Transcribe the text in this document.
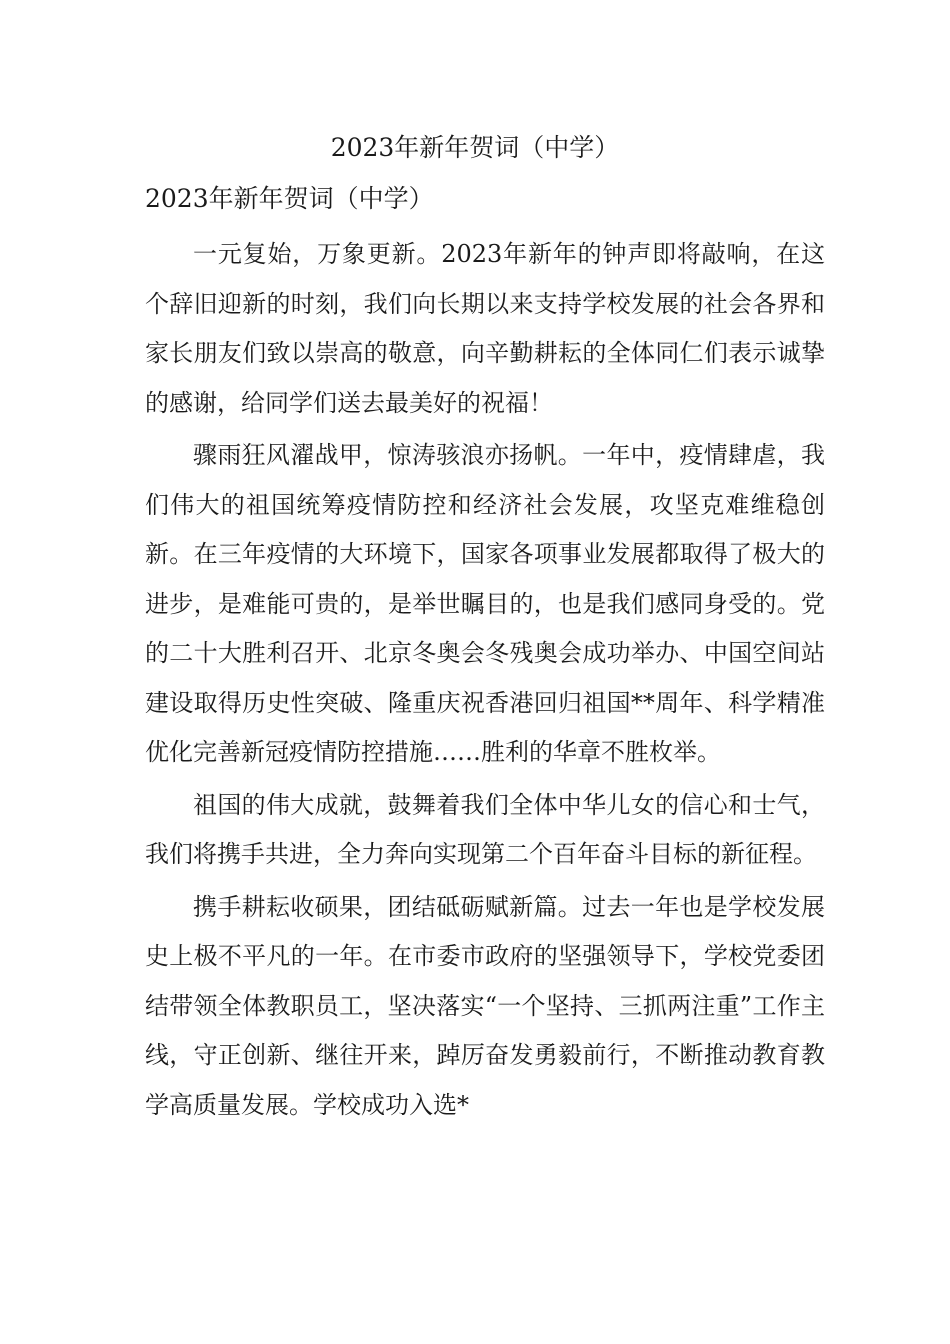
2023年新年贺词（中学）
2023年新年贺词（中学）

一元复始，万象更新。2023年新年的钟声即将敲响，在这个辞旧迎新的时刻，我们向长期以来支持学校发展的社会各界和家长朋友们致以崇高的敬意，向辛勤耕耘的全体同仁们表示诚挚的感谢，给同学们送去最美好的祝福！

骤雨狂风濯战甲，惊涛骇浪亦扬帆。一年中，疫情肆虐，我们伟大的祖国统筹疫情防控和经济社会发展，攻坚克难维稳创新。在三年疫情的大环境下，国家各项事业发展都取得了极大的进步，是难能可贵的，是举世瞩目的，也是我们感同身受的。党的二十大胜利召开、北京冬奥会冬残奥会成功举办、中国空间站建设取得历史性突破、隆重庆祝香港回归祖国**周年、科学精准优化完善新冠疫情防控措施……胜利的华章不胜枚举。

祖国的伟大成就，鼓舞着我们全体中华儿女的信心和士气，我们将携手共进，全力奔向实现第二个百年奋斗目标的新征程。

携手耕耘收硕果，团结砥砺赋新篇。过去一年也是学校发展史上极不平凡的一年。在市委市政府的坚强领导下，学校党委团结带领全体教职员工，坚决落实“一个坚持、三抓两注重”工作主线，守正创新、继往开来，踔厉奋发勇毅前行，不断推动教育教学高质量发展。学校成功入选*
